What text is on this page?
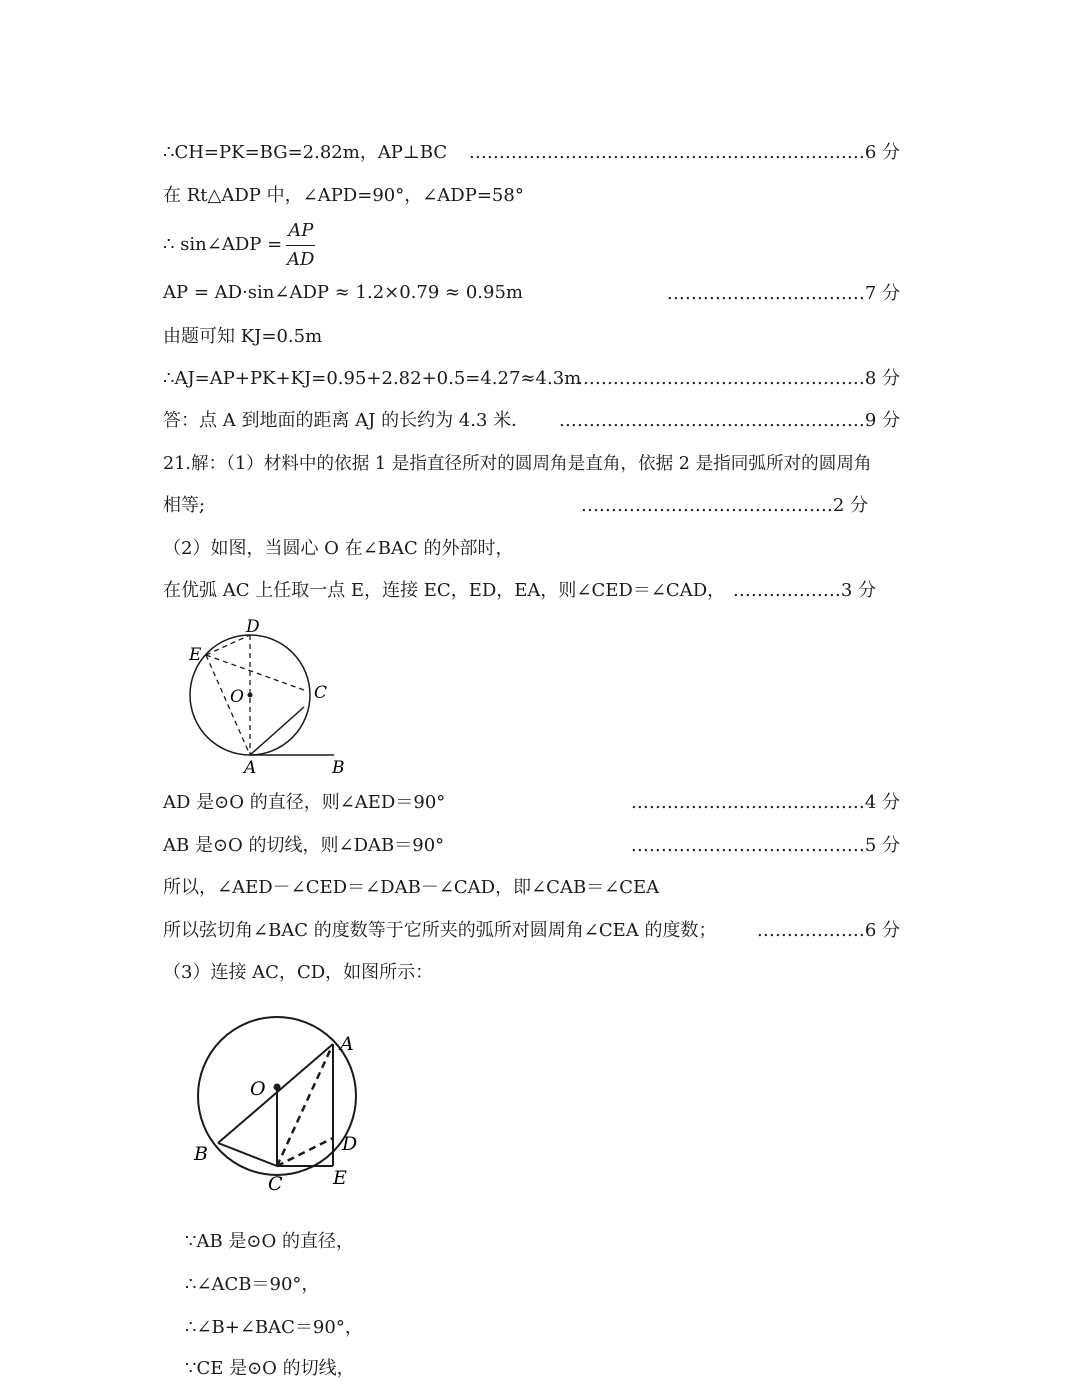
∴CH=PK=BG=2.82m，AP⊥BC …………………………………………………………6 分
在 Rt△ADP 中，∠APD=90°，∠ADP=58°
∴ sin∠ADP = $\frac{AP}{AD}$
AP = AD·sin∠ADP ≈ 1.2×0.79 ≈ 0.95m	……………………………7 分
由题可知 KJ=0.5m
∴AJ=AP+PK+KJ=0.95+2.82+0.5=4.27≈4.3m
…………………………………………8 分
答：点 A 到地面的距离 AJ 的长约为 4.3 米． ……………………………………………9 分
21.解：（1）材料中的依据 1 是指直径所对的圆周角是直角，依据 2 是指同弧所对的圆周角
相等;	……………………………………2 分
（2）如图，当圆心 O 在∠BAC 的外部时，
在优弧 AC 上任取一点 E，连接 EC，ED，EA，则∠CED＝∠CAD， ………………3 分
D
E
O	C
A	B
AD 是⊙O 的直径，则∠AED＝90°	…………………………………4 分
AB 是⊙O 的切线，则∠DAB＝90°	…………………………………5 分
所以，∠AED－∠CED＝∠DAB－∠CAD，即∠CAB＝∠CEA
所以弦切角∠BAC 的度数等于它所夹的弧所对圆周角∠CEA 的度数； ………………6 分
（3）连接 AC，CD，如图所示：
A
O
B	D
C	E
∵AB 是⊙O 的直径，
∴∠ACB＝90°，
∴∠B+∠BAC＝90°，
∵CE 是⊙O 的切线，
